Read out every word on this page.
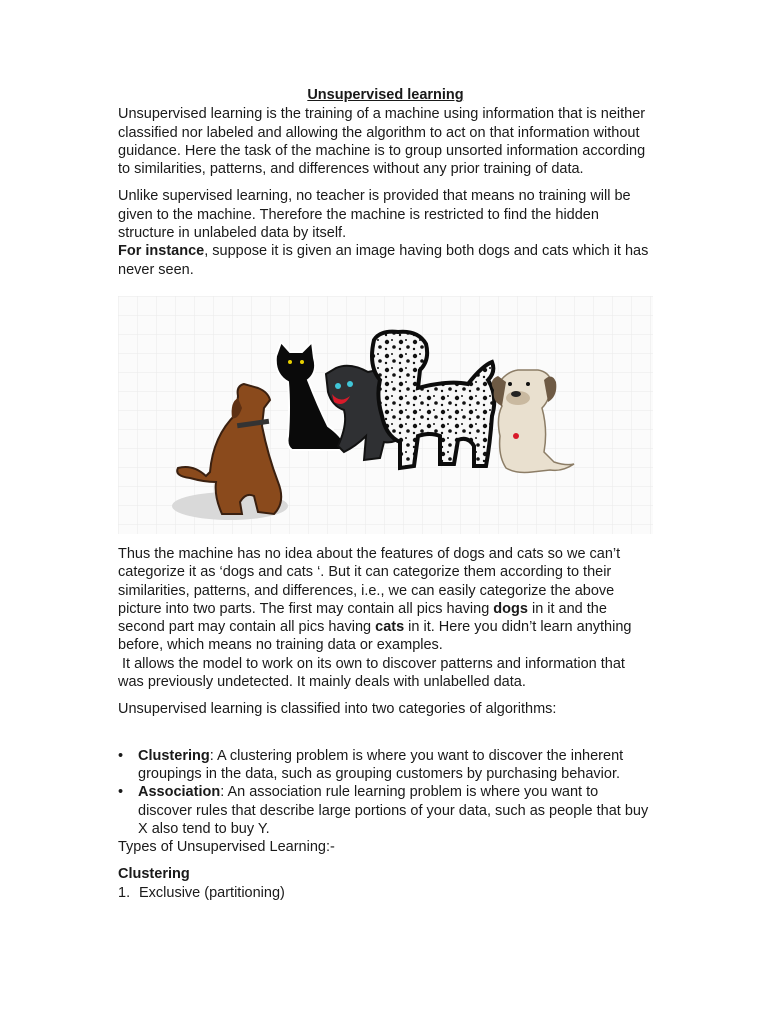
Unsupervised learning

Unsupervised learning is the training of a machine using information that is neither classified nor labeled and allowing the algorithm to act on that information without guidance. Here the task of the machine is to group unsorted information according to similarities, patterns, and differences without any prior training of data.

Unlike supervised learning, no teacher is provided that means no training will be given to the machine. Therefore the machine is restricted to find the hidden structure in unlabeled data by itself.

For instance, suppose it is given an image having both dogs and cats which it has never seen.

Thus the machine has no idea about the features of dogs and cats so we can’t categorize it as ‘dogs and cats ‘. But it can categorize them according to their similarities, patterns, and differences, i.e., we can easily categorize the above picture into two parts. The first may contain all pics having dogs in it and the second part may contain all pics having cats in it. Here you didn’t learn anything before, which means no training data or examples.

It allows the model to work on its own to discover patterns and information that was previously undetected. It mainly deals with unlabelled data.

Unsupervised learning is classified into two categories of algorithms:

• Clustering: A clustering problem is where you want to discover the inherent groupings in the data, such as grouping customers by purchasing behavior.
• Association: An association rule learning problem is where you want to discover rules that describe large portions of your data, such as people that buy X also tend to buy Y.

Types of Unsupervised Learning:-

Clustering

1. Exclusive (partitioning)
